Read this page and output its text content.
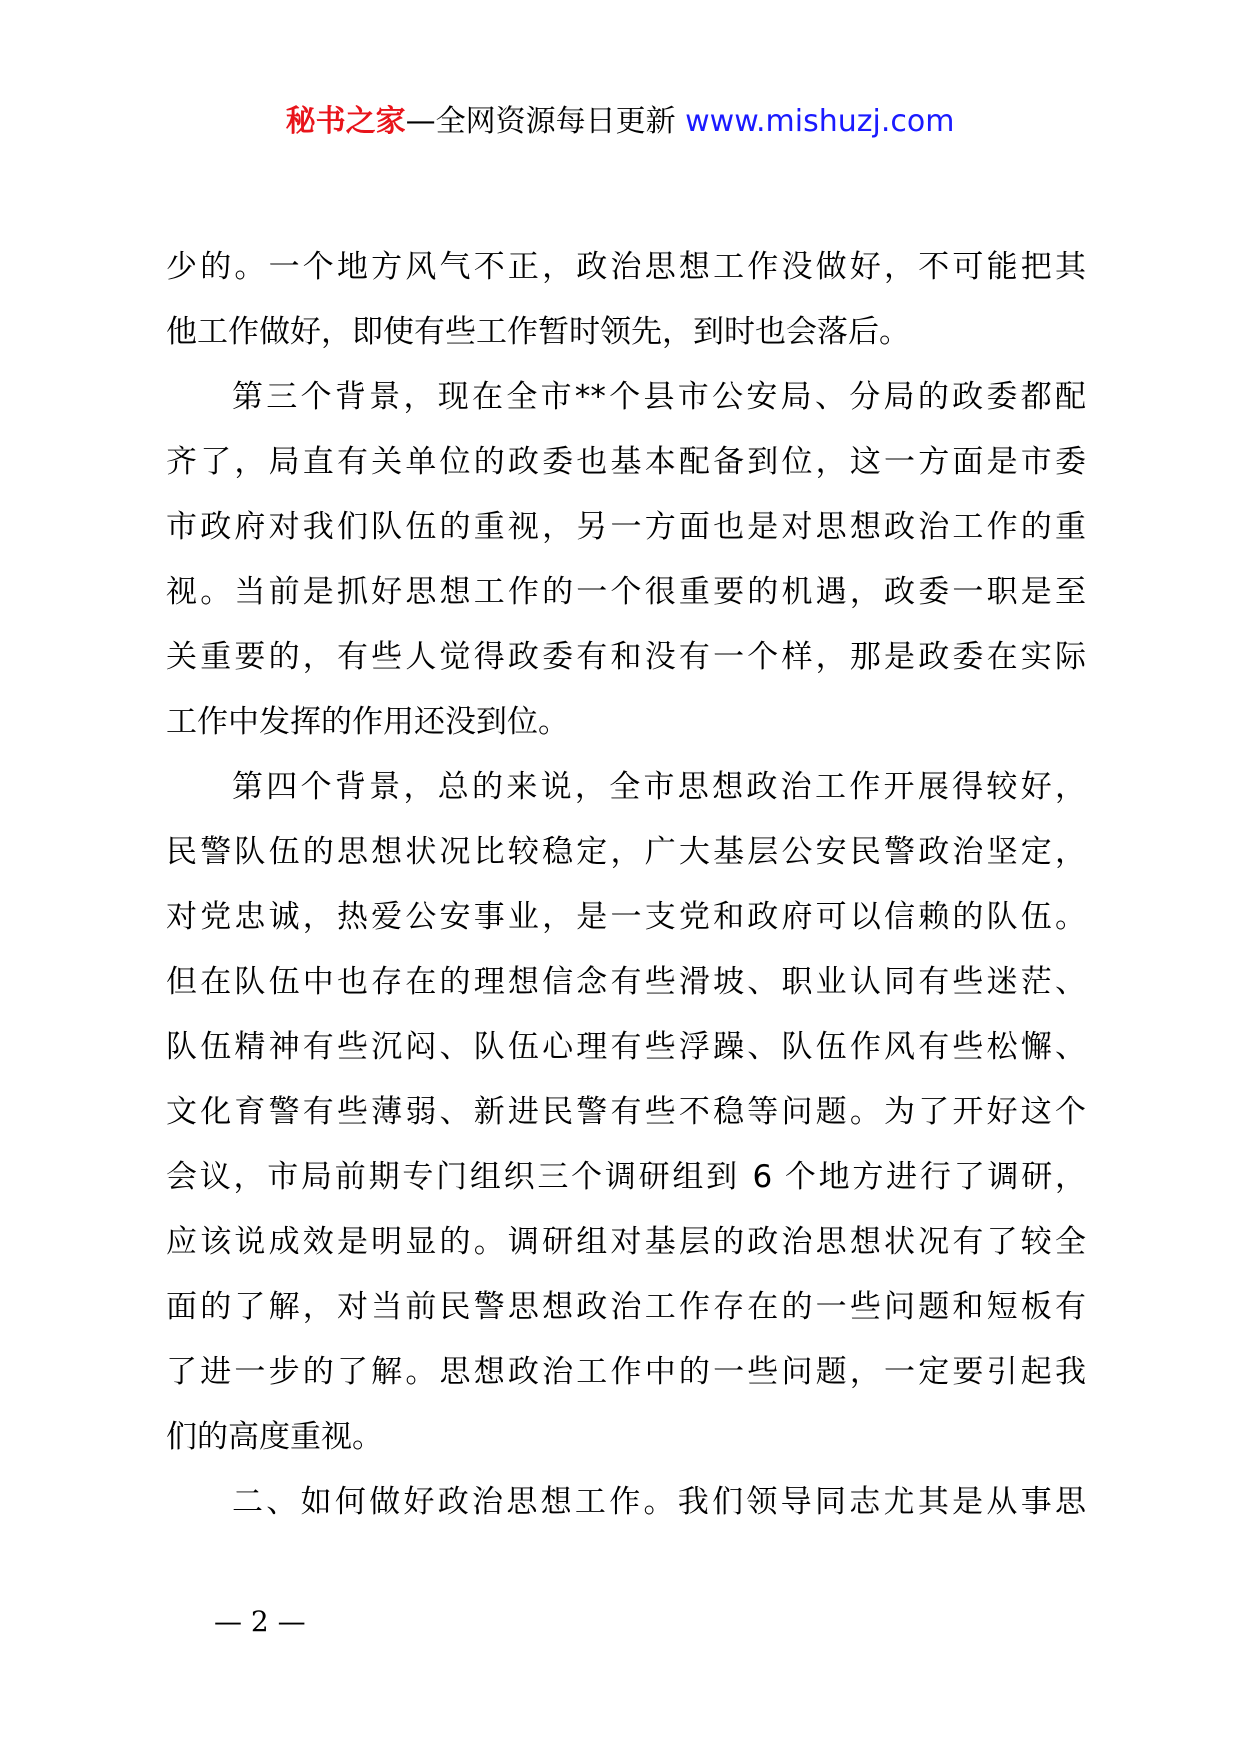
秘书之家—全网资源每日更新 www.mishuzj.com
少的。一个地方风气不正，政治思想工作没做好，不可能把其
他工作做好，即使有些工作暂时领先，到时也会落后。
第三个背景，现在全市**个县市公安局、分局的政委都配
齐了，局直有关单位的政委也基本配备到位，这一方面是市委
市政府对我们队伍的重视，另一方面也是对思想政治工作的重
视。当前是抓好思想工作的一个很重要的机遇，政委一职是至
关重要的，有些人觉得政委有和没有一个样，那是政委在实际
工作中发挥的作用还没到位。
第四个背景，总的来说，全市思想政治工作开展得较好，
民警队伍的思想状况比较稳定，广大基层公安民警政治坚定，
对党忠诚，热爱公安事业，是一支党和政府可以信赖的队伍。
但在队伍中也存在的理想信念有些滑坡、职业认同有些迷茫、
队伍精神有些沉闷、队伍心理有些浮躁、队伍作风有些松懈、
文化育警有些薄弱、新进民警有些不稳等问题。为了开好这个
会议，市局前期专门组织三个调研组到 6 个地方进行了调研，
应该说成效是明显的。调研组对基层的政治思想状况有了较全
面的了解，对当前民警思想政治工作存在的一些问题和短板有
了进一步的了解。思想政治工作中的一些问题，一定要引起我
们的高度重视。
二、如何做好政治思想工作。我们领导同志尤其是从事思
— 2 —
